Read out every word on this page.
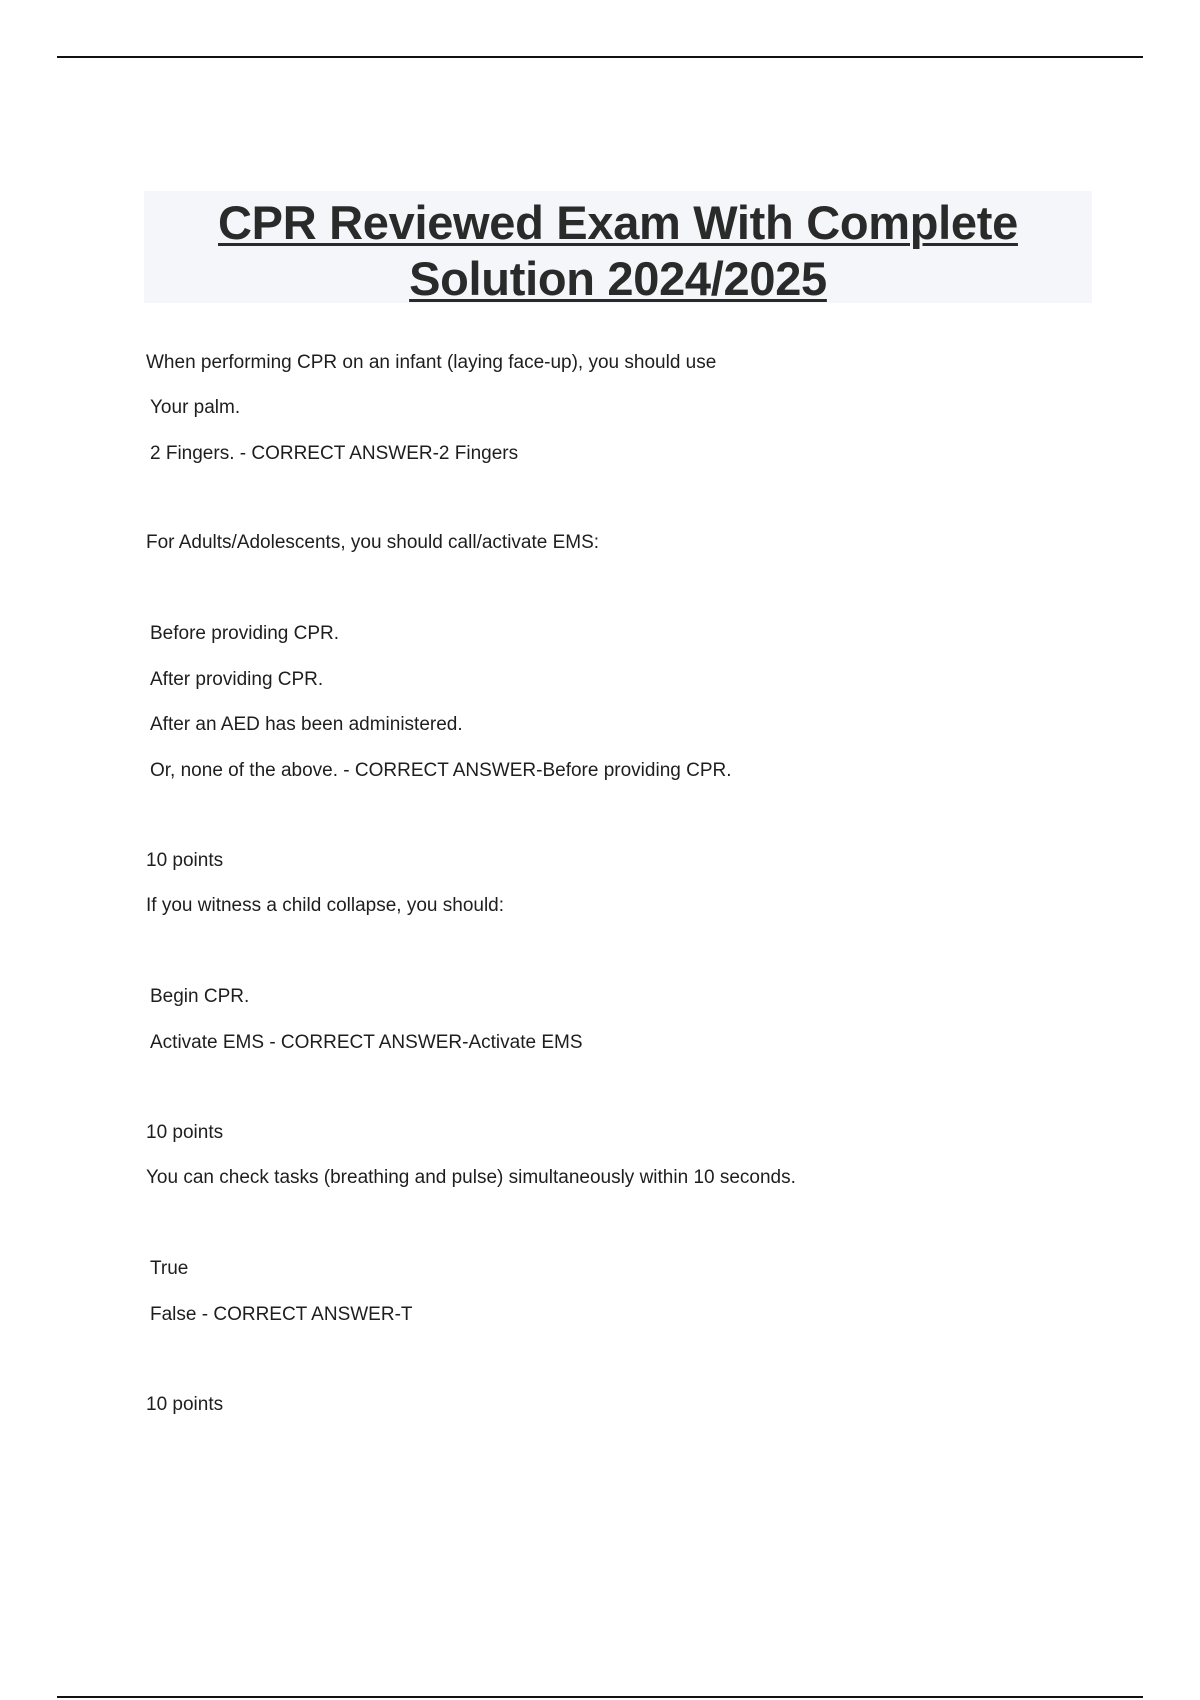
CPR Reviewed Exam With Complete
Solution 2024/2025
When performing CPR on an infant (laying face-up), you should use
Your palm.
2 Fingers. - CORRECT ANSWER-2 Fingers
For Adults/Adolescents, you should call/activate EMS:
Before providing CPR.
After providing CPR.
After an AED has been administered.
Or, none of the above. - CORRECT ANSWER-Before providing CPR.
10 points
If you witness a child collapse, you should:
Begin CPR.
Activate EMS - CORRECT ANSWER-Activate EMS
10 points
You can check tasks (breathing and pulse) simultaneously within 10 seconds.
True
False - CORRECT ANSWER-T
10 points
